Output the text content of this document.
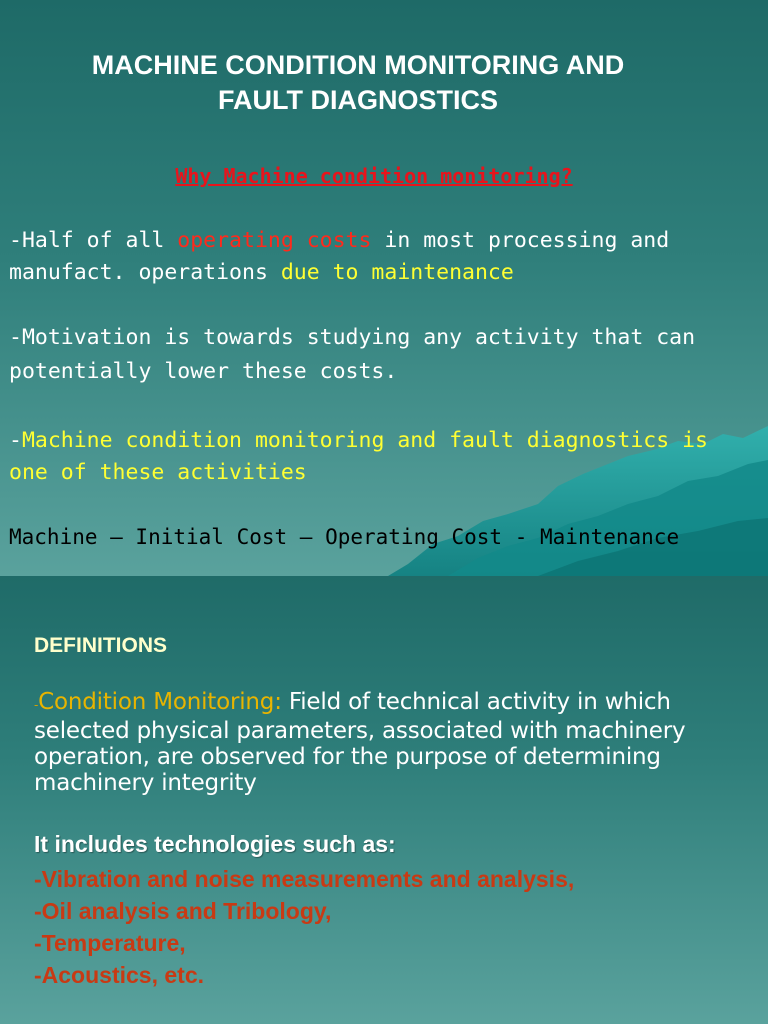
MACHINE CONDITION MONITORING AND
FAULT DIAGNOSTICS
Why Machine condition monitoring?
-Half of all operating costs in most processing and manufact. operations due to maintenance
-Motivation is towards studying any activity that can potentially lower these costs.
-Machine condition monitoring and fault diagnostics is one of these activities
Machine – Initial Cost – Operating Cost - Maintenance
DEFINITIONS
-Condition Monitoring: Field of technical activity in which selected physical parameters, associated with machinery operation, are observed for the purpose of determining machinery integrity
It includes technologies such as:
-Vibration and noise measurements and analysis,
-Oil analysis and Tribology,
-Temperature,
-Acoustics, etc.
